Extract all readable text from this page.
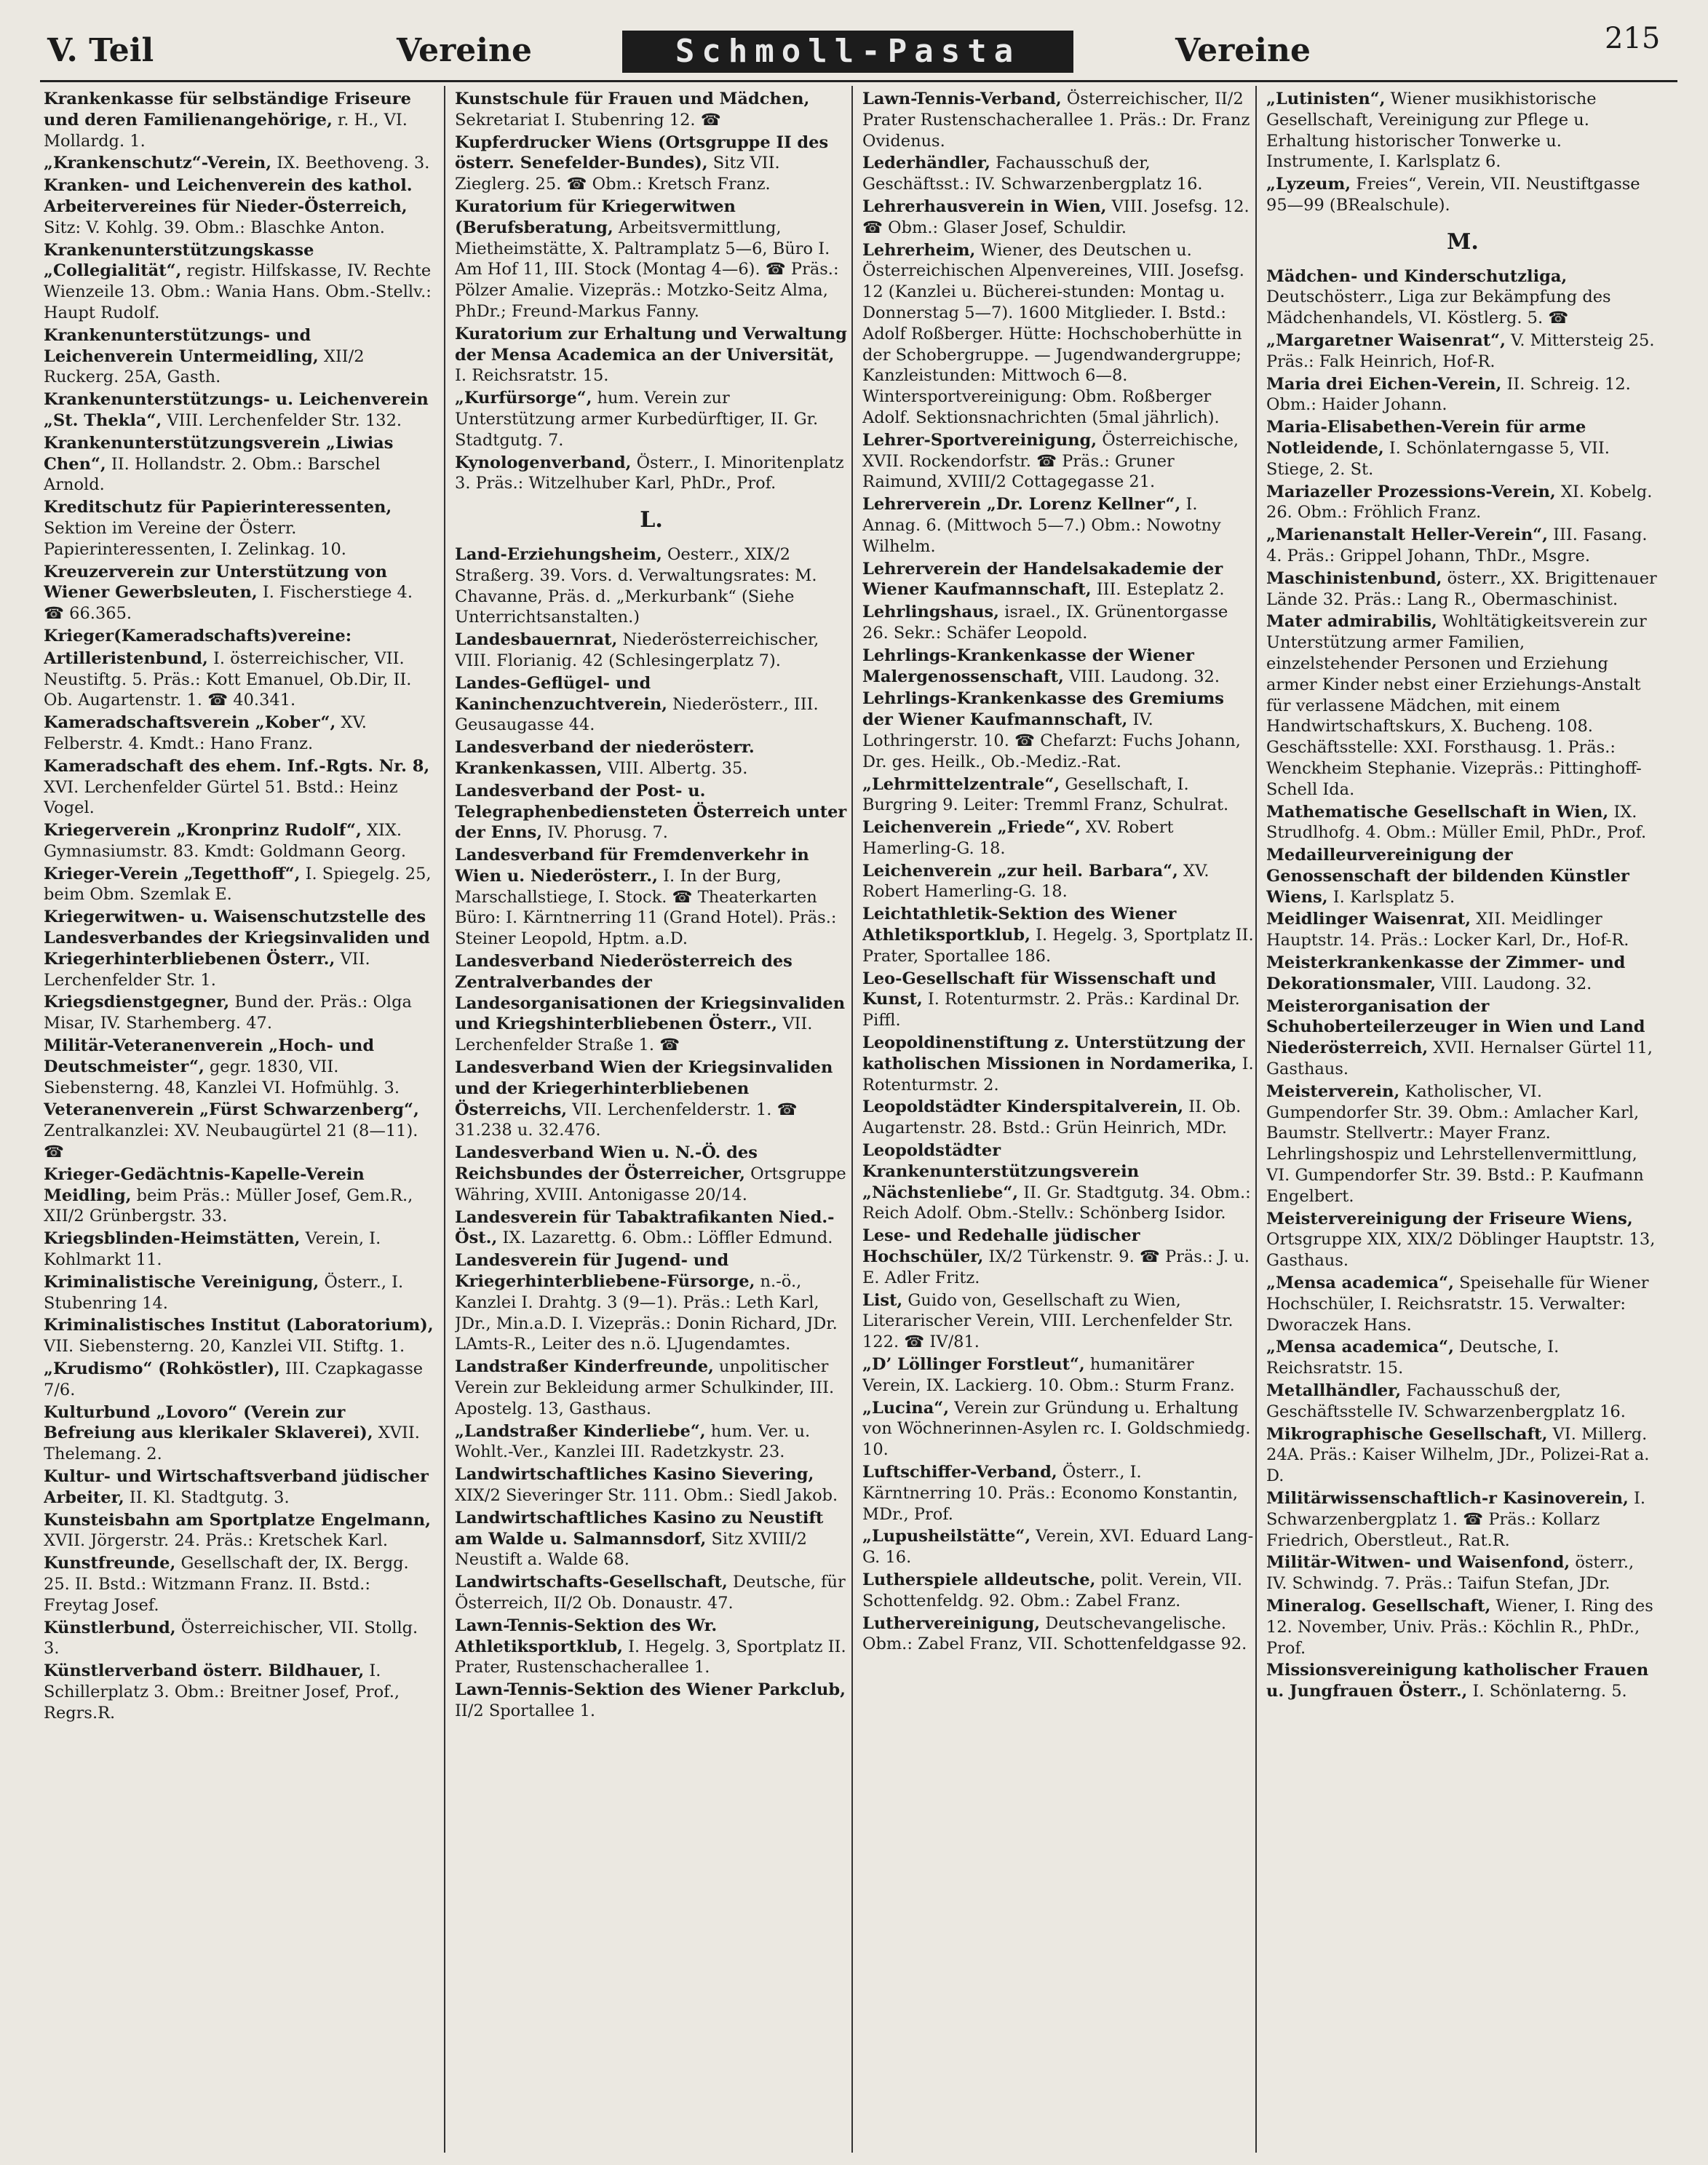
V. Teil	Vereine	Schmoll-Pasta	Vereine	215
Krankenkasse für selbständige Friseure und deren Familienangehörige, r. H., VI. Mollardg. 1.
„Krankenschutz“-Verein, IX. Beethoveng. 3.
Kranken- und Leichenverein des kathol. Arbeitervereines für Nieder-Österreich, Sitz: V. Kohlg. 39. Obm.: Blaschke Anton.
Krankenunterstützungskasse „Collegialität“, registr. Hilfskasse, IV. Rechte Wienzeile 13. Obm.: Wania Hans. Obm.-Stellv.: Haupt Rudolf.
Krankenunterstützungs- und Leichenverein Untermeidling, XII/2 Ruckerg. 25A, Gasth.
Krankenunterstützungs- u. Leichenverein „St. Thekla“, VIII. Lerchenfelder Str. 132.
Krankenunterstützungsverein „Liwias Chen“, II. Hollandstr. 2. Obm.: Barschel Arnold.
Kreditschutz für Papierinteressenten, Sektion im Vereine der Österr. Papierinteressenten, I. Zelinkag. 10.
Kreuzerverein zur Unterstützung von Wiener Gewerbsleuten, I. Fischerstiege 4. ☎ 66.365.
Krieger(Kameradschafts)vereine:
Artilleristenbund, I. österreichischer, VII. Neustiftg. 5. Präs.: Kott Emanuel, Ob.Dir, II. Ob. Augartenstr. 1. ☎ 40.341.
Kameradschaftsverein „Kober“, XV. Felberstr. 4. Kmdt.: Hano Franz.
Kameradschaft des ehem. Inf.-Rgts. Nr. 8, XVI. Lerchenfelder Gürtel 51. Bstd.: Heinz Vogel.
Kriegerverein „Kronprinz Rudolf“, XIX. Gymnasiumstr. 83. Kmdt: Goldmann Georg.
Krieger-Verein „Tegetthoff“, I. Spiegelg. 25, beim Obm. Szemlak E.
Kriegerwitwen- u. Waisenschutzstelle des Landesverbandes der Kriegsinvaliden und Kriegerhinterbliebenen Österr., VII. Lerchenfelder Str. 1.
Kriegsdienstgegner, Bund der. Präs.: Olga Misar, IV. Starhemberg. 47.
Militär-Veteranenverein „Hoch- und Deutschmeister“, gegr. 1830, VII. Siebensterng. 48, Kanzlei VI. Hofmühlg. 3.
Veteranenverein „Fürst Schwarzenberg“, Zentralkanzlei: XV. Neubaugürtel 21 (8—11). ☎
Krieger-Gedächtnis-Kapelle-Verein Meidling, beim Präs.: Müller Josef, Gem.R., XII/2 Grünbergstr. 33.
Kriegsblinden-Heimstätten, Verein, I. Kohlmarkt 11.
Kriminalistische Vereinigung, Österr., I. Stubenring 14.
Kriminalistisches Institut (Laboratorium), VII. Siebensterng. 20, Kanzlei VII. Stiftg. 1.
„Krudismo“ (Rohköstler), III. Czapkagasse 7/6.
Kulturbund „Lovoro“ (Verein zur Befreiung aus klerikaler Sklaverei), XVII. Thelemang. 2.
Kultur- und Wirtschaftsverband jüdischer Arbeiter, II. Kl. Stadtgutg. 3.
Kunsteisbahn am Sportplatze Engelmann, XVII. Jörgerstr. 24. Präs.: Kretschek Karl.
Kunstfreunde, Gesellschaft der, IX. Bergg. 25. II. Bstd.: Witzmann Franz. II. Bstd.: Freytag Josef.
Künstlerbund, Österreichischer, VII. Stollg. 3.
Künstlerverband österr. Bildhauer, I. Schillerplatz 3. Obm.: Breitner Josef, Prof., Regrs.R.
Kunstschule für Frauen und Mädchen, Sekretariat I. Stubenring 12. ☎
Kupferdrucker Wiens (Ortsgruppe II des österr. Senefelder-Bundes), Sitz VII. Zieglerg. 25. ☎ Obm.: Kretsch Franz.
Kuratorium für Kriegerwitwen (Berufsberatung, Arbeitsvermittlung, Mietheimstätte, X. Paltramplatz 5—6, Büro I. Am Hof 11, III. Stock (Montag 4—6). ☎ Präs.: Pölzer Amalie. Vizepräs.: Motzko-Seitz Alma, PhDr.; Freund-Markus Fanny.
Kuratorium zur Erhaltung und Verwaltung der Mensa Academica an der Universität, I. Reichsratstr. 15.
„Kurfürsorge“, hum. Verein zur Unterstützung armer Kurbedürftiger, II. Gr. Stadtgutg. 7.
Kynologenverband, Österr., I. Minoritenplatz 3. Präs.: Witzelhuber Karl, PhDr., Prof.
L.
Land-Erziehungsheim, Oesterr., XIX/2 Straßerg. 39. Vors. d. Verwaltungsrates: M. Chavanne, Präs. d. „Merkurbank“ (Siehe Unterrichtsanstalten.)
Landesbauernrat, Niederösterreichischer, VIII. Florianig. 42 (Schlesingerplatz 7).
Landes-Geflügel- und Kaninchenzuchtverein, Niederösterr., III. Geusaugasse 44.
Landesverband der niederösterr. Krankenkassen, VIII. Albertg. 35.
Landesverband der Post- u. Telegraphenbediensteten Österreich unter der Enns, IV. Phorusg. 7.
Landesverband für Fremdenverkehr in Wien u. Niederösterr., I. In der Burg, Marschallstiege, I. Stock. ☎ Theaterkarten Büro: I. Kärntnerring 11 (Grand Hotel). Präs.: Steiner Leopold, Hptm. a.D.
Landesverband Niederösterreich des Zentralverbandes der Landesorganisationen der Kriegsinvaliden und Kriegshinterbliebenen Österr., VII. Lerchenfelder Straße 1. ☎
Landesverband Wien der Kriegsinvaliden und der Kriegerhinterbliebenen Österreichs, VII. Lerchenfelderstr. 1. ☎ 31.238 u. 32.476.
Landesverband Wien u. N.-Ö. des Reichsbundes der Österreicher, Ortsgruppe Währing, XVIII. Antonigasse 20/14.
Landesverein für Tabaktrafikanten Nied.-Öst., IX. Lazarettg. 6. Obm.: Löffler Edmund.
Landesverein für Jugend- und Kriegerhinterbliebene-Fürsorge, n.-ö., Kanzlei I. Drahtg. 3 (9—1). Präs.: Leth Karl, JDr., Min.a.D. I. Vizepräs.: Donin Richard, JDr. LAmts-R., Leiter des n.ö. LJugendamtes.
Landstraßer Kinderfreunde, unpolitischer Verein zur Bekleidung armer Schulkinder, III. Apostelg. 13, Gasthaus.
„Landstraßer Kinderliebe“, hum. Ver. u. Wohlt.-Ver., Kanzlei III. Radetzkystr. 23.
Landwirtschaftliches Kasino Sievering, XIX/2 Sieveringer Str. 111. Obm.: Siedl Jakob.
Landwirtschaftliches Kasino zu Neustift am Walde u. Salmannsdorf, Sitz XVIII/2 Neustift a. Walde 68.
Landwirtschafts-Gesellschaft, Deutsche, für Österreich, II/2 Ob. Donaustr. 47.
Lawn-Tennis-Sektion des Wr. Athletiksportklub, I. Hegelg. 3, Sportplatz II. Prater, Rustenschacherallee 1.
Lawn-Tennis-Sektion des Wiener Parkclub, II/2 Sportallee 1.
Lawn-Tennis-Verband, Österreichischer, II/2 Prater Rustenschacherallee 1. Präs.: Dr. Franz Ovidenus.
Lederhändler, Fachausschuß der, Geschäftsst.: IV. Schwarzenbergplatz 16.
Lehrerhausverein in Wien, VIII. Josefsg. 12. ☎ Obm.: Glaser Josef, Schuldir.
Lehrerheim, Wiener, des Deutschen u. Österreichischen Alpenvereines, VIII. Josefsg. 12 (Kanzlei u. Bücherei-stunden: Montag u. Donnerstag 5—7). 1600 Mitglieder. I. Bstd.: Adolf Roßberger. Hütte: Hochschoberhütte in der Schobergruppe. — Jugendwandergruppe; Kanzleistunden: Mittwoch 6—8. Wintersportvereinigung: Obm. Roßberger Adolf. Sektionsnachrichten (5mal jährlich).
Lehrer-Sportvereinigung, Österreichische, XVII. Rockendorfstr. ☎ Präs.: Gruner Raimund, XVIII/2 Cottagegasse 21.
Lehrerverein „Dr. Lorenz Kellner“, I. Annag. 6. (Mittwoch 5—7.) Obm.: Nowotny Wilhelm.
Lehrerverein der Handelsakademie der Wiener Kaufmannschaft, III. Esteplatz 2.
Lehrlingshaus, israel., IX. Grünentorgasse 26. Sekr.: Schäfer Leopold.
Lehrlings-Krankenkasse der Wiener Malergenossenschaft, VIII. Laudong. 32.
Lehrlings-Krankenkasse des Gremiums der Wiener Kaufmannschaft, IV. Lothringerstr. 10. ☎ Chefarzt: Fuchs Johann, Dr. ges. Heilk., Ob.-Mediz.-Rat.
„Lehrmittelzentrale“, Gesellschaft, I. Burgring 9. Leiter: Tremml Franz, Schulrat.
Leichenverein „Friede“, XV. Robert Hamerling-G. 18.
Leichenverein „zur heil. Barbara“, XV. Robert Hamerling-G. 18.
Leichtathletik-Sektion des Wiener Athletiksportklub, I. Hegelg. 3, Sportplatz II. Prater, Sportallee 186.
Leo-Gesellschaft für Wissenschaft und Kunst, I. Rotenturmstr. 2. Präs.: Kardinal Dr. Piffl.
Leopoldinenstiftung z. Unterstützung der katholischen Missionen in Nordamerika, I. Rotenturmstr. 2.
Leopoldstädter Kinderspitalverein, II. Ob. Augartenstr. 28. Bstd.: Grün Heinrich, MDr.
Leopoldstädter Krankenunterstützungsverein „Nächstenliebe“, II. Gr. Stadtgutg. 34. Obm.: Reich Adolf. Obm.-Stellv.: Schönberg Isidor.
Lese- und Redehalle jüdischer Hochschüler, IX/2 Türkenstr. 9. ☎ Präs.: J. u. E. Adler Fritz.
List, Guido von, Gesellschaft zu Wien, Literarischer Verein, VIII. Lerchenfelder Str. 122. ☎ IV/81.
„D’ Löllinger Forstleut“, humanitärer Verein, IX. Lackierg. 10. Obm.: Sturm Franz.
„Lucina“, Verein zur Gründung u. Erhaltung von Wöchnerinnen-Asylen rc. I. Goldschmiedg. 10.
Luftschiffer-Verband, Österr., I. Kärntnerring 10. Präs.: Economo Konstantin, MDr., Prof.
„Lupusheilstätte“, Verein, XVI. Eduard Lang-G. 16.
Lutherspiele alldeutsche, polit. Verein, VII. Schottenfeldg. 92. Obm.: Zabel Franz.
Luthervereinigung, Deutschevangelische. Obm.: Zabel Franz, VII. Schottenfeldgasse 92.
„Lutinisten“, Wiener musikhistorische Gesellschaft, Vereinigung zur Pflege u. Erhaltung historischer Tonwerke u. Instrumente, I. Karlsplatz 6.
„Lyzeum, Freies“, Verein, VII. Neustiftgasse 95—99 (BRealschule).
M.
Mädchen- und Kinderschutzliga, Deutschösterr., Liga zur Bekämpfung des Mädchenhandels, VI. Köstlerg. 5. ☎
„Margaretner Waisenrat“, V. Mittersteig 25. Präs.: Falk Heinrich, Hof-R.
Maria drei Eichen-Verein, II. Schreig. 12. Obm.: Haider Johann.
Maria-Elisabethen-Verein für arme Notleidende, I. Schönlaterngasse 5, VII. Stiege, 2. St.
Mariazeller Prozessions-Verein, XI. Kobelg. 26. Obm.: Fröhlich Franz.
„Marienanstalt Heller-Verein“, III. Fasang. 4. Präs.: Grippel Johann, ThDr., Msgre.
Maschinistenbund, österr., XX. Brigittenauer Lände 32. Präs.: Lang R., Obermaschinist.
Mater admirabilis, Wohltätigkeitsverein zur Unterstützung armer Familien, einzelstehender Personen und Erziehung armer Kinder nebst einer Erziehungs-Anstalt für verlassene Mädchen, mit einem Handwirtschaftskurs, X. Bucheng. 108. Geschäftsstelle: XXI. Forsthausg. 1. Präs.: Wenckheim Stephanie. Vizepräs.: Pittinghoff-Schell Ida.
Mathematische Gesellschaft in Wien, IX. Strudlhofg. 4. Obm.: Müller Emil, PhDr., Prof.
Medailleurvereinigung der Genossenschaft der bildenden Künstler Wiens, I. Karlsplatz 5.
Meidlinger Waisenrat, XII. Meidlinger Hauptstr. 14. Präs.: Locker Karl, Dr., Hof-R.
Meisterkrankenkasse der Zimmer- und Dekorationsmaler, VIII. Laudong. 32.
Meisterorganisation der Schuhoberteilerzeuger in Wien und Land Niederösterreich, XVII. Hernalser Gürtel 11, Gasthaus.
Meisterverein, Katholischer, VI. Gumpendorfer Str. 39. Obm.: Amlacher Karl, Baumstr. Stellvertr.: Mayer Franz. Lehrlingshospiz und Lehrstellenvermittlung, VI. Gumpendorfer Str. 39. Bstd.: P. Kaufmann Engelbert.
Meistervereinigung der Friseure Wiens, Ortsgruppe XIX, XIX/2 Döblinger Hauptstr. 13, Gasthaus.
„Mensa academica“, Speisehalle für Wiener Hochschüler, I. Reichsratstr. 15. Verwalter: Dworaczek Hans.
„Mensa academica“, Deutsche, I. Reichsratstr. 15.
Metallhändler, Fachausschuß der, Geschäftsstelle IV. Schwarzenbergplatz 16.
Mikrographische Gesellschaft, VI. Millerg. 24A. Präs.: Kaiser Wilhelm, JDr., Polizei-Rat a. D.
Militärwissenschaftlich-r Kasinoverein, I. Schwarzenbergplatz 1. ☎ Präs.: Kollarz Friedrich, Oberstleut., Rat.R.
Militär-Witwen- und Waisenfond, österr., IV. Schwindg. 7. Präs.: Taifun Stefan, JDr.
Mineralog. Gesellschaft, Wiener, I. Ring des 12. November, Univ. Präs.: Köchlin R., PhDr., Prof.
Missionsvereinigung katholischer Frauen u. Jungfrauen Österr., I. Schönlaterng. 5.
